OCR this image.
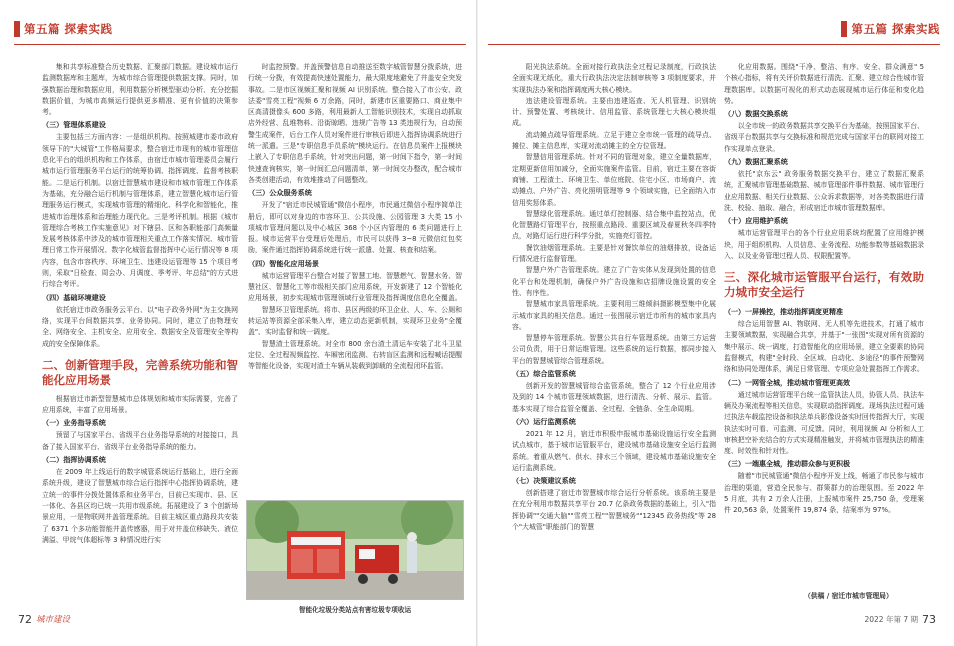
第五篇 探索实践

集和共享标准整合历史数据、汇聚部门数据。建设城市运行监测数据库和主题库，为城市综合管理提供数据支撑。同时，加强数据治理和数据应用，利用数据分析模型驱动分析、充分挖掘数据价值，为城市高频运行提供更多精准、更有价值的决策参考。

（三）管理体系建设

主要包括三方面内容：一是组织机构。按照城建市委市政府领导下的"大城管"工作格局要求，整合宿迁市现有的城市管理信息化平台的组织机构和工作体系，由宿迁市城市管理委员会履行城市运行管理服务平台运行的统筹协调、指挥调度、监督考核职能。二是运行机制。以宿迁智慧城市建设和市城市管理工作体系为基础，充分融合运行机制与管理体系，建立智慧化城市运行管理服务运行模式，实现城市管理的精细化、科学化和智能化，推进城市治理体系和治理能力现代化。三是考评机制。根据《城市管理综合考核工作实施意见》对下辖县、区和各职能部门高频量发展考核体系中涉及的城市管理相关重点工作落实情况、城市管理日常工作开展情况、数字化城管监督指挥中心运行情况等 8 项内容，包含市容秩序、环境卫生、违建设运管理等 15 个项目考则，采取"日检查、周会办、月调度、季考评、年总结"的方式进行综合考评。

（四）基础环境建设

依托宿迁市政务服务云平台、以"电子政务外网"为主交换网络，实现平台间数据共享、业务协同。同时，建立了由物理安全、网络安全、主机安全、应用安全、数据安全及管理安全等构成的安全保障体系。

二、创新管理手段，完善系统功能和智能化应用场景

根据宿迁市新型智慧城市总体规划和城市实际需要，完善了应用系统，丰富了应用场景。

（一）业务指导系统

预留了与国家平台、省级平台业务指导系统的对接接口，具备了接入国家平台、省级平台业务指导系统的能力。

（二）指挥协调系统

在 2009 年上线运行的数字城管系统运行基础上，进行全面系统升级，建设了智慧城市综合运行指挥中心指挥协调系统，建立统一的事件分拨处置体系和业务平台，目前已实现市、县、区一体化、各县区均已统一共用市级系统。拓展建设了 3 个创新场景应用，一是物联网井盖管理系统。目前主城区重点路段共安装了 6371 个多功能智能井盖传感器，用于对井盖位移缺失、液位满溢、甲烷气体超标等 3 种情况进行实

时监控预警。并盖预警信息自动推送至数字城管智慧分拨系统，进行统一分拨，有效提高快速处置能力，最大限度地避免了井盖安全突发事故。二是市区视频汇聚和视频 AI 识别系统。整合接入了市公安、政法委"雪亮工程"视频 6 万余路，同时，新建市区重要路口、商业集中区高清摄像头 600 多路，利用最新人工智能识别技术，实现自动抓取店外经营、乱堆物料、沿街晾晒、违规广告等 13 类违规行为，自动预警生成案件，后台工作人员对案件进行审核后即进入指挥协调系统进行统一派遣。三是"专职信息手员系统"模块运行。在信息员案件上报模块上嵌入了专职信息手系统，针对突出问题，第一时间下指令，第一时间快速查询核实，第一时间汇总问题清单，第一时间交办整改，配合城市各类创建活动，有效堆推动了问题整改。

（三）公众服务系统

开发了"宿迁市民城管通"微信小程序，市民通过微信小程序简单注册后，即可以对身边的市容环卫、公共设施、公园管理 3 大类 15 小项城市管理问题以及中心城区 368 个小区内管理的 6 类问题进行上报。城市运营平台受理后处理后，市民可以获得 3~8 元微信红包奖励，案件通过指挥协调系统进行统一派遣、处置、核查和结案。

（四）智能化应用场景

城市运营管理平台整合对接了智慧工地、智慧燃气、智慧水务、智慧社区、智慧化工等市级相关部门应用系统，开发新建了 12 个智能化应用场景，初步实现城市管理领域行业管理及指挥调度信息化全覆盖。

智慧环卫管理系统。将市、县区两级的环卫企业、人、车、公厕和转运站等资源全部采集入库，建立动态更新机制，实现环卫业务"全覆盖"、实时监督和统一调度。

智慧渣土管理系统。对全市 800 余台渣土清运车安装了北斗卫星定位、全过程视频监控、车厢密闭监测、右转盲区监测和远程喊话提醒等智能化设备，实现对渣土车辆从装载到卸载的全流程闭环监管。

智能化垃圾分类站点有害垃圾专项收运
72 城市建设
第五篇 探索实践

阳光执法系统。全面对接行政执法全过程记录制度，行政执法全面实现无纸化，重大行政执法决定法制审核等 3 项制度要求，并实现执法办案和指挥调度两大核心模块。

违法建设管理系统。主要由违建巡查、无人机管理、识别统计、预警处置、考核统计、信用监管、系统管理七大核心模块组成。

流动摊点疏导管理系统。立足于建立全市统一管理的疏导点、摊位、摊主信息库，实现对流动摊主的全方位管理。

智慧信用管理系统。针对不同的管理对象，建立全量数据库，定期更新信用加减分，全面实施案件监管。目前，宿迁主要在容街商铺、工程渣土、环境卫生、单位庭院、住宅小区、市场商户、流动摊点、户外广告、亮化照明管理等 9 个领域实施，已全面纳入市信用奖惩体系。

智慧绿化管理系统。通过单灯控制器、结合集中监控站点，优化智慧路灯管理平台，按照重点路段、重要区域及春夏秋冬四季特点，对路灯运行进行科学分批，实施亮灯管控。

餐饮油烟管理系统。主要是针对餐饮单位的油烟排放，设备运行情况进行监督管理。

智慧户外广告管理系统。建立了广告实体从发现到处置的信息化平台和处理机制，确保户外广告设施和店招牌设施设置的安全性、有序性。

智慧城市家具管理系统。主要利用三维倾斜摄影模型集中化展示城市家具的相关信息。通过一张图展示宿迁市所有的城市家具内容。

智慧停车管理系统。智慧公共自行车管理系统。由第三方运营公司负责，用于日常运维管理。这些系统的运行数据，都同步接入平台的智慧城管综合管理系统。

（五）综合监管系统

创新开发的智慧城管综合监管系统，整合了 12 个行业应用涉及到的 14 个城市管理领域数据，进行清洗、分析、展示、监管。基本实现了综合监管全覆盖、全过程、全链条、全生命周期。

（六）运行监测系统

2021 年 12 月，宿迁市积极申报城市基础设施运行安全监测试点城市，基于城市运管服平台，建设城市基础设施安全运行监测系统。着重从燃气、供水、排水三个领域，建设城市基础设施安全运行监测系统。

（七）决策建议系统

创新搭建了宿迁市智慧城市综合运行分析系统。该系统主要是在充分利用市数据共享平台 20.7 亿条政务数据的基础上，引入"指挥协调""交通大脑""雪亮工程""智慧城务""12345 政务热线"等 28 个"大城管"职能部门的智慧

化应用数据。围绕"干净、整洁、有序、安全、群众满意" 5 个核心指标，将有关评价数据进行清洗、汇聚、建立综合性城市管理数据库。以数据可视化的形式动态展现城市运行体征和变化趋势。

（八）数据交换系统

以全市统一的政务数据共享交换平台为基础，按照国家平台、省级平台数据共享与交换标准和规范完成与国家平台的联网对接工作实现单点登录。

（九）数据汇聚系统

依托"京东云" 政务服务数据交换平台，建立了数据汇聚系统，汇聚城市管理基础数据、城市管理部件事件数据、城市管理行业应用数据、相关行业数据、公众诉求数据等，对各类数据进行清洗、校验、抽取、融合，形成宿迁市城市管理数据库。

（十）应用维护系统

城市运营管理平台的各个行业应用系统均配置了应用维护模块，用于组织机构、人员信息、业务流程、功能参数等基础数据录入、以及业务管理过程人员、权限配置等。

三、深化城市运管服平台运行，有效助力城市安全运行
（一）一屏操控，推动指挥调度更精准

综合运用智慧 AI、物联网、无人机等先进技术，打通了城市主要领域数据，实现融合共享，并基于"一张图"实现对所有资源的集中展示、统一调度，打造智能化的应用场景，建立全要素的协同监督模式，构建"全时段、全区域、自动化、多途径"的事件预警网络和协同处理体系，满足日常管理、专项应急处置指挥工作需求。

（二）一网管全城，推动城市管理更高效

通过城市运营管理平台统一监管执法人员，协管人员、执法车辆及办案流程等相关信息，实现联动指挥调度。现场执法过程可通过执法车载监控设备和执法单兵影像设备实时回传指挥大厅，实现执法实时可看、可监测、可反馈。同时，利用视频 AI 分析和人工审核把空补充结合的方式实现精准触发，并将城市管理执法的精准度、时效性和针对性。

（三）一端惠全城，推动群众参与更积极

随着"市民城管通"微信小程序开发上线，畅通了市民参与城市治理的渠道，营造全民参与、群策群力的治理氛围。至 2022 年 5 月底，共有 2 万余人注册，上报城市案件 25,750 条，受理案件 20,563 条，处置案件 19,874 条，结案率为 97%。

（供稿 / 宿迁市城市管理局）
2022 年第 7 期 73
